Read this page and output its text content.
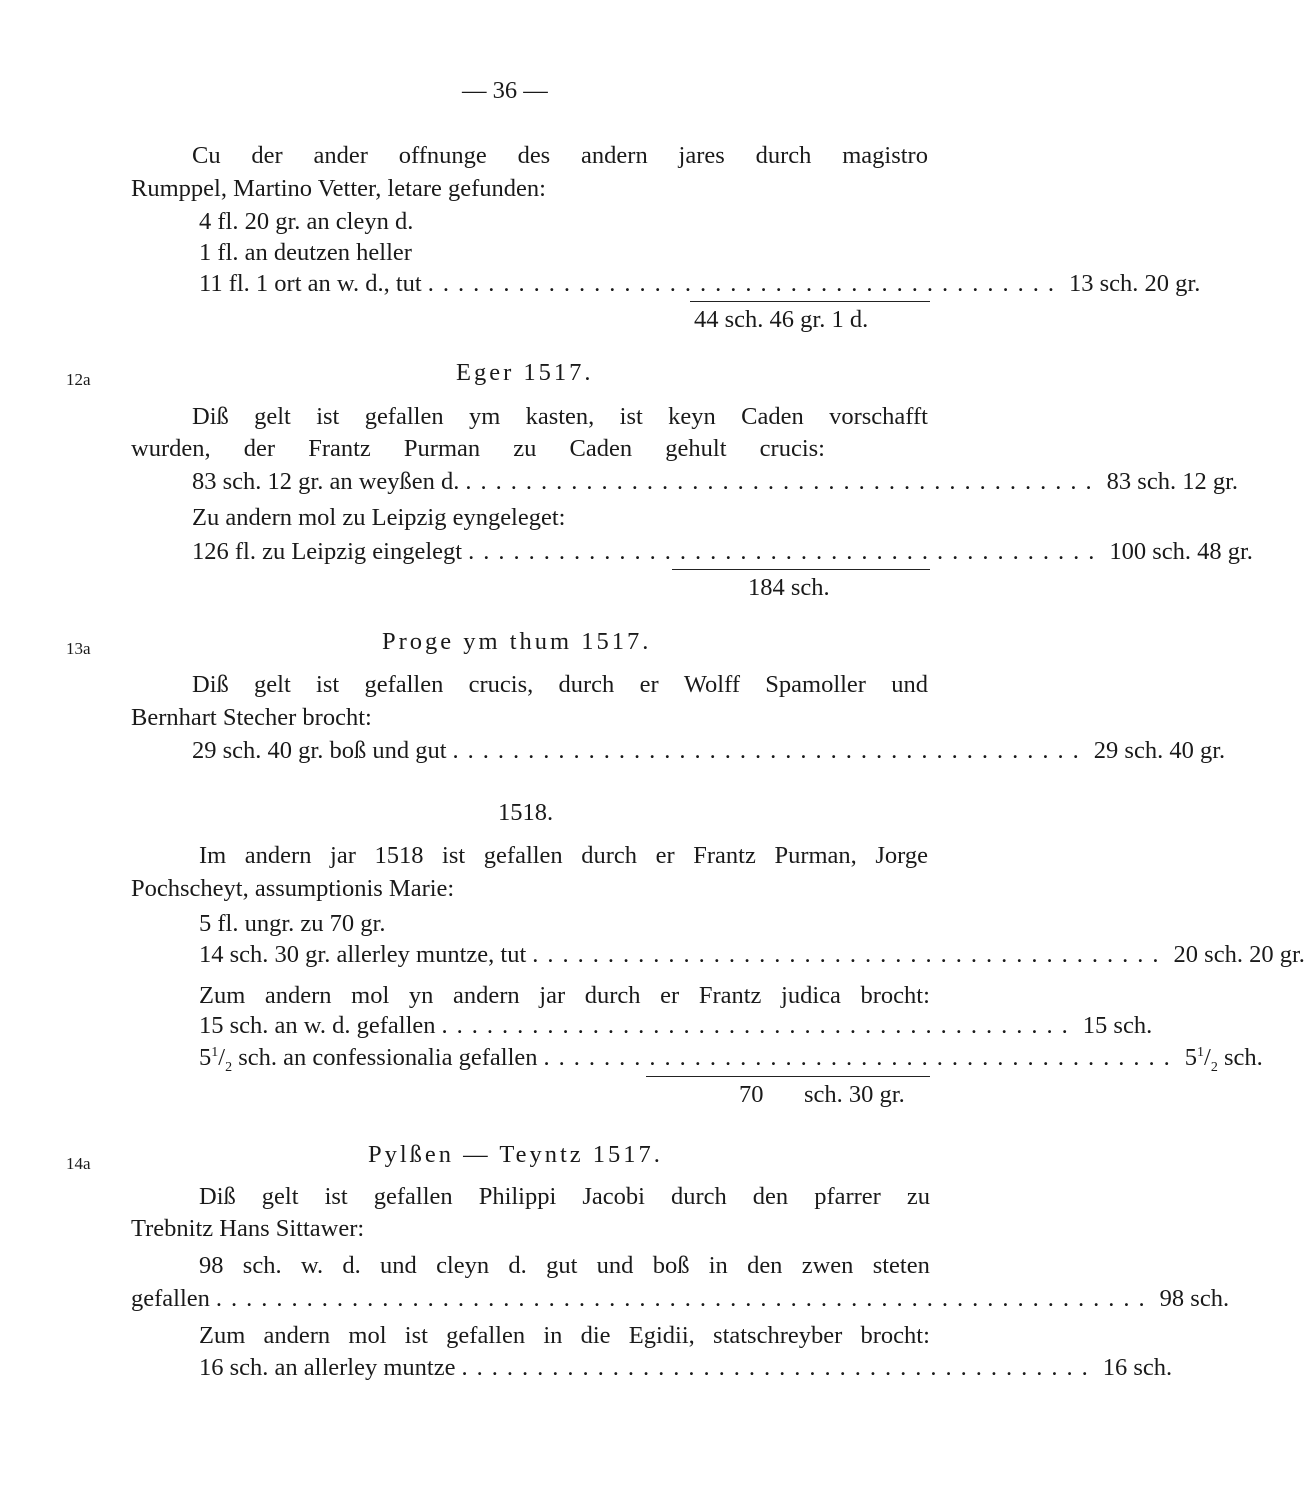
— 36 —
Cu der ander offnunge des andern jares durch magistro
Rumppel, Martino Vetter, letare gefunden:
4 fl. 20 gr. an cleyn d.
1 fl. an deutzen heller
11 fl. 1 ort an w. d., tut .......................................... 13 sch. 20 gr.
44 sch. 46 gr. 1 d.
12a	Eger 1517.
Diß gelt ist gefallen ym kasten, ist keyn Caden vorschafft
wurden, der Frantz Purman zu Caden gehult crucis:
83 sch. 12 gr. an weyßen d. .......................................... 83 sch. 12 gr.
Zu andern mol zu Leipzig eyngeleget:
126 fl. zu Leipzig eingelegt .......................................... 100 sch. 48 gr.
184 sch.
13a	Proge ym thum 1517.
Diß gelt ist gefallen crucis, durch er Wolff Spamoller und
Bernhart Stecher brocht:
29 sch. 40 gr. boß und gut .......................................... 29 sch. 40 gr.
1518.
Im andern jar 1518 ist gefallen durch er Frantz Purman, Jorge
Pochscheyt, assumptionis Marie:
5 fl. ungr. zu 70 gr.
14 sch. 30 gr. allerley muntze, tut .......................................... 20 sch. 20 gr.
Zum andern mol yn andern jar durch er Frantz judica brocht:
15 sch. an w. d. gefallen .......................................... 15 sch.
$5^1/_2$ sch. an confessionalia gefallen .......................................... $5^1/_2$ sch.
70 sch. 30 gr.
14a	Pylßen — Teyntz 1517.
Diß gelt ist gefallen Philippi Jacobi durch den pfarrer zu
Trebnitz Hans Sittawer:
98 sch. w. d. und cleyn d. gut und boß in den zwen steten
gefallen .............................................................. 98 sch.
Zum andern mol ist gefallen in die Egidii, statschreyber brocht:
16 sch. an allerley muntze .......................................... 16 sch.
